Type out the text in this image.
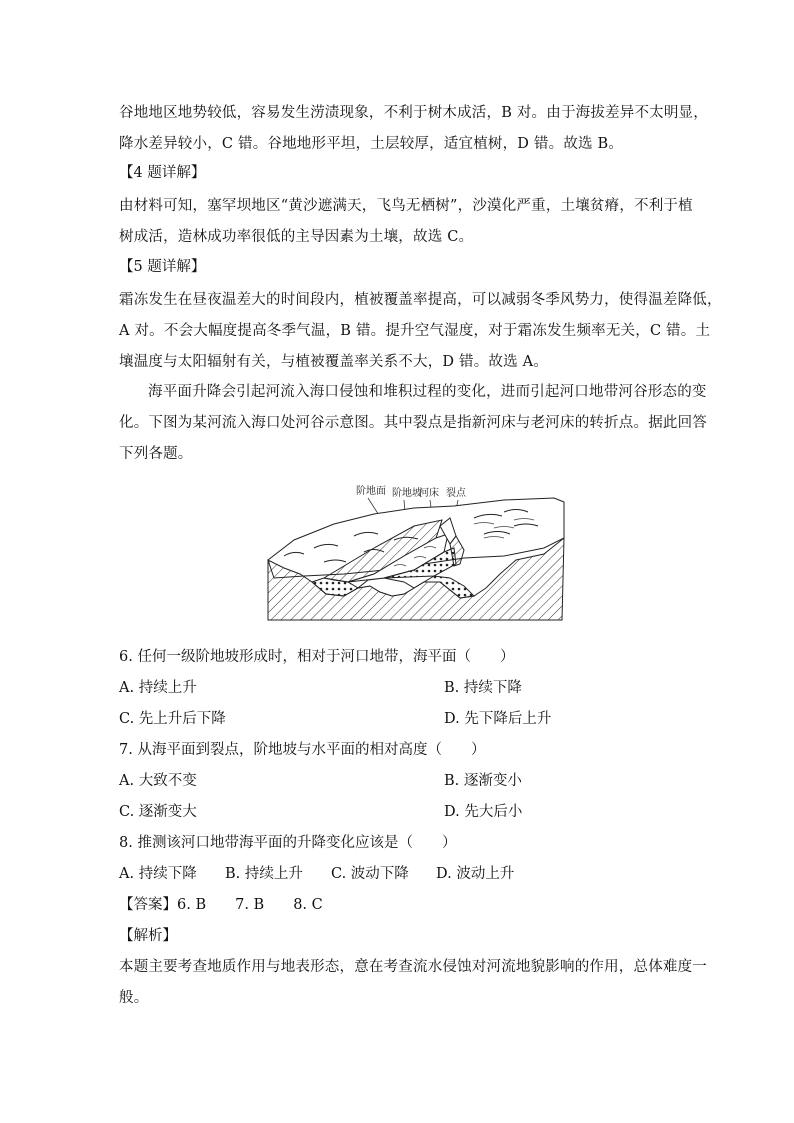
谷地地区地势较低，容易发生涝渍现象，不利于树木成活，B 对。由于海拔差异不太明显，
降水差异较小，C 错。谷地地形平坦，土层较厚，适宜植树，D 错。故选 B。
【4 题详解】
由材料可知，塞罕坝地区“黄沙遮满天，飞鸟无栖树”，沙漠化严重，土壤贫瘠，不利于植
树成活，造林成功率很低的主导因素为土壤，故选 C。
【5 题详解】
霜冻发生在昼夜温差大的时间段内，植被覆盖率提高，可以减弱冬季风势力，使得温差降低，
A 对。不会大幅度提高冬季气温，B 错。提升空气湿度，对于霜冻发生频率无关，C 错。土
壤温度与太阳辐射有关，与植被覆盖率关系不大，D 错。故选 A。
海平面升降会引起河流入海口侵蚀和堆积过程的变化，进而引起河口地带河谷形态的变
化。下图为某河流入海口处河谷示意图。其中裂点是指新河床与老河床的转折点。据此回答
下列各题。
阶地面 阶地坡
河床 裂点
6. 任何一级阶地坡形成时，相对于河口地带，海平面（　　）
A. 持续上升	B. 持续下降
C. 先上升后下降	D. 先下降后上升
7. 从海平面到裂点，阶地坡与水平面的相对高度（　　）
A. 大致不变	B. 逐渐变小
C. 逐渐变大	D. 先大后小
8. 推测该河口地带海平面的升降变化应该是（　　）
A. 持续下降 B. 持续上升 C. 波动下降 D. 波动上升
【答案】6. B　　7. B　　8. C
【解析】
本题主要考查地质作用与地表形态，意在考查流水侵蚀对河流地貌影响的作用，总体难度一
般。
